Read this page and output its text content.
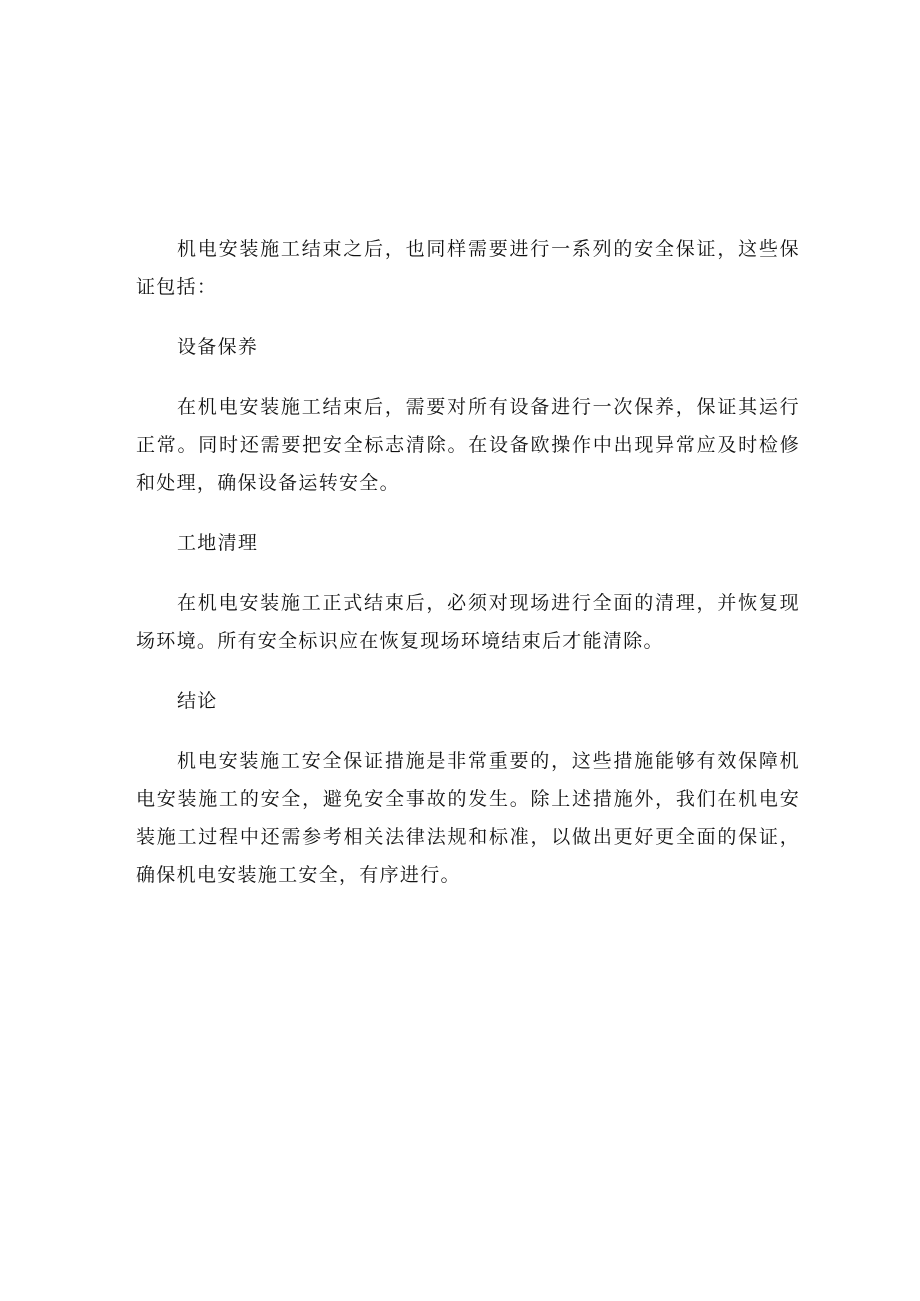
机电安装施工结束之后，也同样需要进行一系列的安全保证，这些保证包括：

设备保养

在机电安装施工结束后，需要对所有设备进行一次保养，保证其运行正常。同时还需要把安全标志清除。在设备欧操作中出现异常应及时检修和处理，确保设备运转安全。

工地清理

在机电安装施工正式结束后，必须对现场进行全面的清理，并恢复现场环境。所有安全标识应在恢复现场环境结束后才能清除。

结论

机电安装施工安全保证措施是非常重要的，这些措施能够有效保障机电安装施工的安全，避免安全事故的发生。除上述措施外，我们在机电安装施工过程中还需参考相关法律法规和标准，以做出更好更全面的保证，确保机电安装施工安全，有序进行。
